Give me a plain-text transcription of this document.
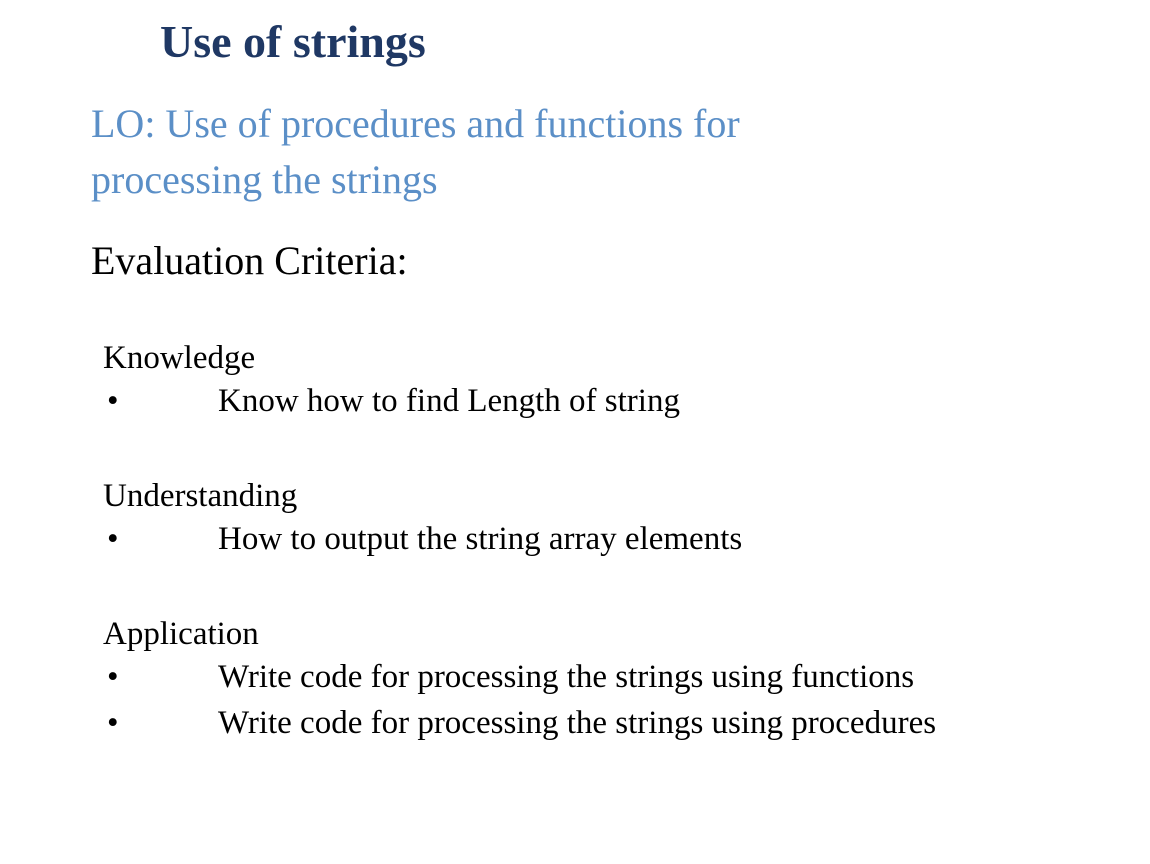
Use of strings

LO: Use of procedures and functions for
processing the strings

Evaluation Criteria:

Knowledge
•	Know how to find Length of string
Understanding
•	How to output the string array elements
Application
•	Write code for processing the strings using functions
•	Write code for processing the strings using procedures
